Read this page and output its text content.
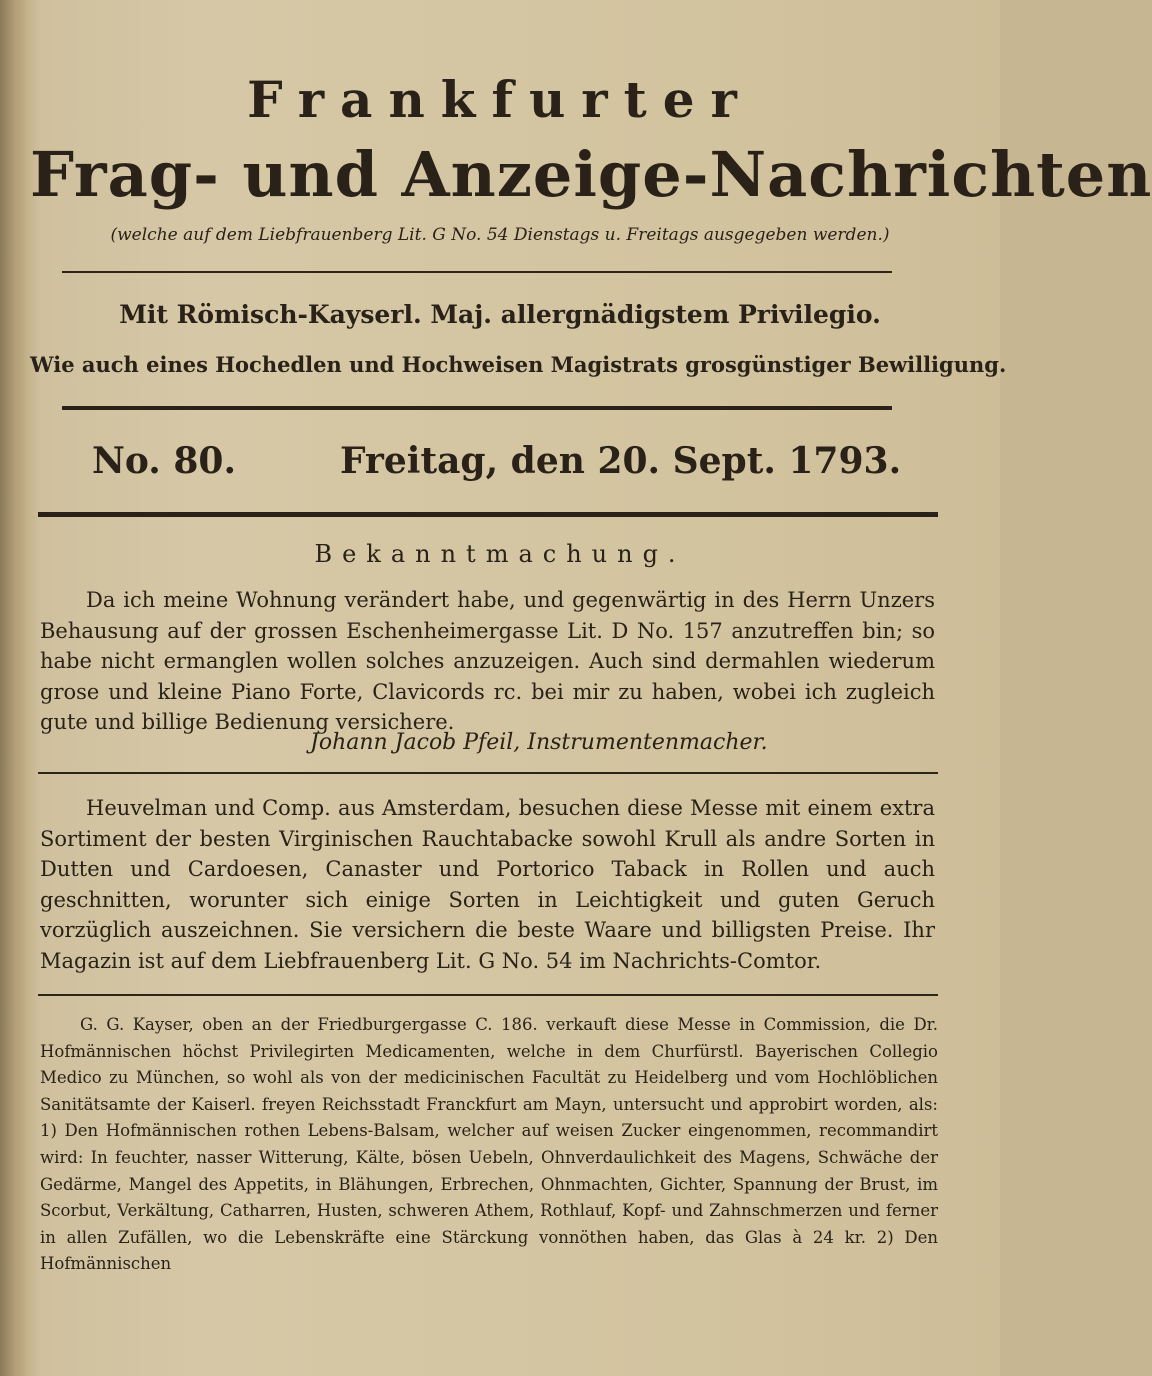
Frankfurter
Frag- und Anzeige-Nachrichten
(welche auf dem Liebfrauenberg Lit. G No. 54 Dienstags u. Freitags ausgegeben werden.)
Mit Römisch-Kayserl. Maj. allergnädigstem Privilegio.
Wie auch eines Hochedlen und Hochweisen Magistrats grosgünstiger Bewilligung.
No. 80.	Freitag, den 20. Sept. 1793.
Bekanntmachung.
Da ich meine Wohnung verändert habe, und gegenwärtig in des Herrn Unzers Behausung auf der grossen Eschenheimergasse Lit. D No. 157 anzutreffen bin; so habe nicht ermanglen wollen solches anzuzeigen. Auch sind dermahlen wiederum grose und kleine Piano Forte, Clavicords rc. bei mir zu haben, wobei ich zugleich gute und billige Bedienung versichere.
Johann Jacob Pfeil, Instrumentenmacher.
Heuvelman und Comp. aus Amsterdam, besuchen diese Messe mit einem extra Sortiment der besten Virginischen Rauchtabacke sowohl Krull als andre Sorten in Dutten und Cardoesen, Canaster und Portorico Taback in Rollen und auch geschnitten, worunter sich einige Sorten in Leichtigkeit und guten Geruch vorzüglich auszeichnen. Sie versichern die beste Waare und billigsten Preise. Ihr Magazin ist auf dem Liebfrauenberg Lit. G No. 54 im Nachrichts-Comtor.
G. G. Kayser, oben an der Friedburgergasse C. 186. verkauft diese Messe in Commission, die Dr. Hofmännischen höchst Privilegirten Medicamenten, welche in dem Churfürstl. Bayerischen Collegio Medico zu München, so wohl als von der medicinischen Facultät zu Heidelberg und vom Hochlöblichen Sanitätsamte der Kaiserl. freyen Reichsstadt Franckfurt am Mayn, untersucht und approbirt worden, als: 1) Den Hofmännischen rothen Lebens-Balsam, welcher auf weisen Zucker eingenommen, recommandirt wird: In feuchter, nasser Witterung, Kälte, bösen Uebeln, Ohnverdaulichkeit des Magens, Schwäche der Gedärme, Mangel des Appetits, in Blähungen, Erbrechen, Ohnmachten, Gichter, Spannung der Brust, im Scorbut, Verkältung, Catharren, Husten, schweren Athem, Rothlauf, Kopf- und Zahnschmerzen und ferner in allen Zufällen, wo die Lebenskräfte eine Stärckung vonnöthen haben, das Glas à 24 kr. 2) Den Hofmännischen
